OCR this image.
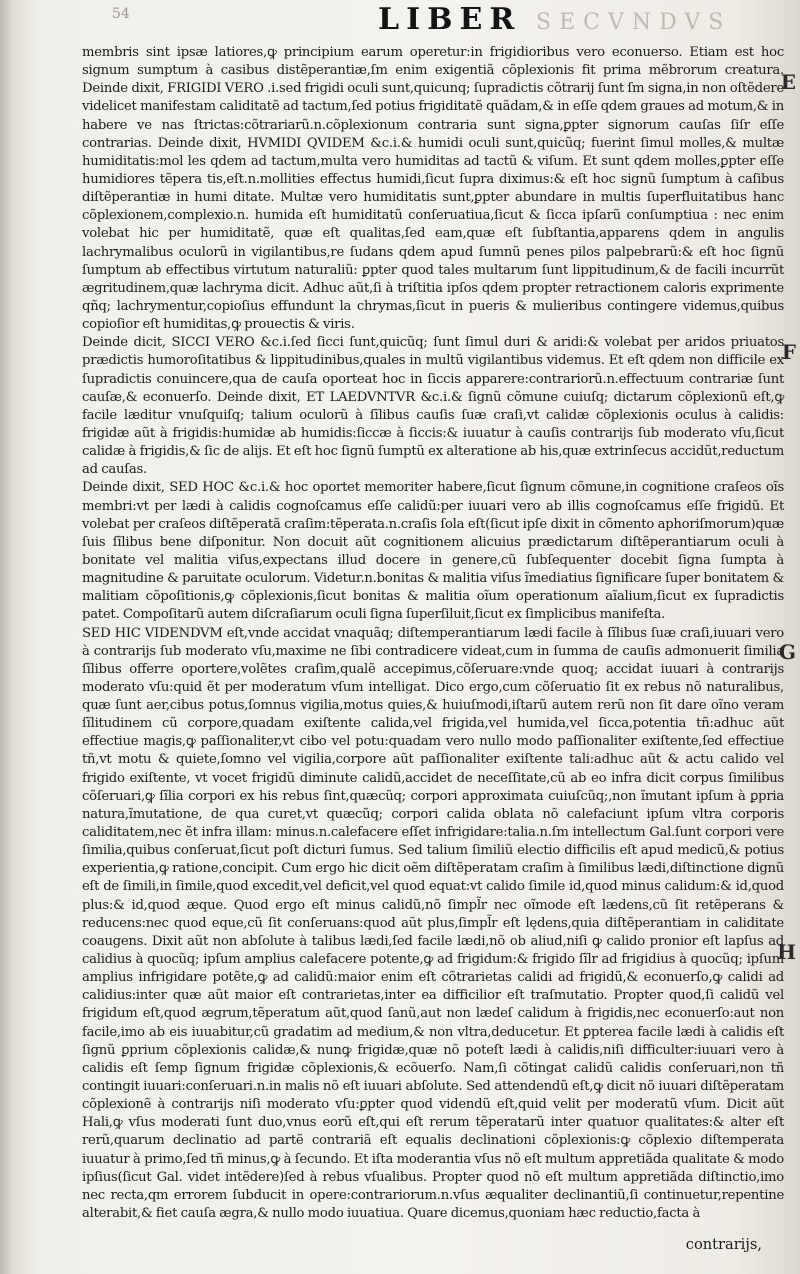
54	LIBER SECVNDVS

membris sint ipsæ latiores,ꝙ principium earum operetur:in frigidioribus vero econuerso. Etiam est hoc signum sumptum à casibus distẽperantiæ,ſm enim exigentiã cõplexionis fit prima mẽbrorum creatura. Deinde dixit, FRIGIDI VERO .i.sed frigidi oculi sunt,quicunq; ſupradictis cõtrarij ſunt ſm signa,in non oſtẽdere videlicet manifestam caliditatẽ ad tactum,ſed potius frigiditatẽ quãdam,& in eſſe qdem graues ad motum,& in habere ve nas ſtrictas:cõtrariarũ.n.cõplexionum contraria sunt signa,ꝑpter signorum cauſas ſiſr eſſe contrarias. Deinde dixit, HVMIDI QVIDEM &c.i.& humidi oculi sunt,quicũq; fuerint ſimul molles,& multæ humiditatis:mol les qdem ad tactum,multa vero humiditas ad tactũ & viſum. Et sunt qdem molles,ꝑpter eſſe humidiores tẽpera tis,eſt.n.mollities effectus humidi,ſicut ſupra diximus:& eſt hoc signũ ſumptum à caſibus diſtẽperantiæ in humi ditate. Multæ vero humiditatis sunt,ꝑpter abundare in multis ſuperfluitatibus hanc cõplexionem,complexio.n. humida eſt humiditatũ conſeruatiua,ſicut & ſicca ipſarũ conſumptiua : nec enim volebat hic per humiditatẽ, quæ eſt qualitas,ſed eam,quæ eſt ſubſtantia,apparens qdem in angulis lachrymalibus oculorũ in vigilantibus,re ſudans qdem apud ſumnũ penes pilos palpebrarũ:& eſt hoc ſignũ ſumptum ab effectibus virtutum naturaliũ: ꝑpter quod tales multarum ſunt lippitudinum,& de facili incurrũt ægritudinem,quæ lachryma dicit. Adhuc aũt,ſi à triſtitia ipſos qdem propter retractionem caloris exprimente qñq; lachrymentur,copioſius effundunt la chrymas,ſicut in pueris & mulieribus contingere videmus,quibus copioſior eſt humiditas,ꝙ prouectis & viris.

Deinde dicit, SICCI VERO &c.i.ſed ſicci ſunt,quicũq; ſunt ſimul duri & aridi:& volebat per aridos priuatos prædictis humoroſitatibus & lippitudinibus,quales in multũ vigilantibus videmus. Et eſt qdem non difficile ex ſupradictis conuincere,qua de cauſa oporteat hoc in ſiccis apparere:contrariorũ.n.effectuum contrariæ ſunt cauſæ,& econuerſo. Deinde dixit, ET LAEDVNTVR &c.i.& ſignũ cõmune cuiuſq; dictarum cõplexionũ eſt,ꝙ facile læditur vnuſquiſq; talium oculorũ à ſĩlibus cauſis ſuæ craſi,vt calidæ cõplexionis oculus à calidis: frigidæ aũt à frigidis:humidæ ab humidis:ſiccæ à ſiccis:& iuuatur à cauſis contrarijs ſub moderato vſu,ſicut calidæ à frigidis,& ſic de alijs. Et eſt hoc ſignũ ſumptũ ex alteratione ab his,quæ extrinſecus accidũt,reductum ad cauſas.

Deinde dixit, SED HOC &c.i.& hoc oportet memoriter habere,ſicut ſignum cõmune,in cognitione craſeos oĩs membri:vt per lædi à calidis cognoſcamus eſſe calidũ:per iuuari vero ab illis cognoſcamus eſſe frigidũ. Et volebat per craſeos diſtẽperatã craſim:tẽperata.n.craſis ſola eſt(ſicut ipſe dixit in cõmento aphoriſmorum)quæ ſuis ſĩlibus bene diſponitur. Non docuit aũt cognitionem alicuius prædictarum diſtẽperantiarum oculi à bonitate vel malitia viſus,expectans illud docere in genere,cũ ſubſequenter docebit ſigna ſumpta à magnitudine & paruitate oculorum. Videtur.n.bonitas & malitia viſus ĩmediatius ſignificare ſuper bonitatem & malitiam cõpoſitionis,ꝙ cõplexionis,ſicut bonitas & malitia oĩum operationum aĩalium,ſicut ex ſupradictis patet. Compoſitarũ autem diſcraſiarum oculi ſigna ſuperſiluit,ſicut ex ſimplicibus manifeſta.

SED HIC VIDENDVM eſt,vnde accidat vnaquãq; diſtemperantiarum lædi facile à ſĩlibus ſuæ craſi,iuuari vero à contrarijs ſub moderato vſu,maxime ne ſibi contradicere videat,cum in ſumma de cauſis admonuerit ſimilia ſĩlibus offerre oportere,volẽtes craſim,qualẽ accepimus,cõſeruare:vnde quoq; accidat iuuari à contrarijs moderato vſu:quid ẽt per moderatum vſum intelligat. Dico ergo,cum cõſeruatio ſit ex rebus nõ naturalibus, quæ ſunt aer,cibus potus,ſomnus vigilia,motus quies,& huiuſmodi,iſtarũ autem rerũ non ſit dare oĩno veram ſĩlitudinem cũ corpore,quadam exiſtente calida,vel frigida,vel humida,vel ſicca,potentia tñ:adhuc aũt effectiue magis,ꝙ paſſionaliter,vt cibo vel potu:quadam vero nullo modo paſſionaliter exiſtente,ſed effectiue tñ,vt motu & quiete,ſomno vel vigilia,corpore aũt paſſionaliter exiſtente tali:adhuc aũt & actu calido vel frigido exiſtente, vt vocet frigidũ diminute calidũ,accidet de neceſſitate,cũ ab eo infra dicit corpus ſimilibus cõſeruari,ꝙ ſĩlia corpori ex his rebus ſint,quæcũq; corpori approximata cuiuſcũq;,non ĩmutant ipſum à ꝑpria natura,ĩmutatione, de qua curet,vt quæcũq; corpori calida oblata nõ calefaciunt ipſum vltra corporis caliditatem,nec ẽt infra illam: minus.n.calefacere eſſet infrigidare:talia.n.ſm intellectum Gal.ſunt corpori vere ſimilia,quibus conſeruat,ſicut poſt dicturi ſumus. Sed talium ſimiliũ electio difficilis eſt apud medicũ,& potius experientia,ꝙ ratione,concipit. Cum ergo hic dicit oẽm diſtẽperatam craſim à ſimilibus lædi,diſtinctione dignũ eſt de ſimili,in ſimile,quod excedit,vel deficit,vel quod equat:vt calido ſimile id,quod minus calidum:& id,quod plus:& id,quod æque. Quod ergo eſt minus calidũ,nõ ſimpl̃r nec oĩmode eſt lædens,cũ ſit retẽperans & reducens:nec quod eque,cũ ſit conſeruans:quod aũt plus,ſimpl̃r eſt lędens,quia diſtẽperantiam in caliditate coaugens. Dixit aũt non abſolute à talibus lædi,ſed facile lædi,nõ ob aliud,niſi ꝙ calido pronior eſt lapſus ad calidius à quocũq; ipſum amplius calefacere potente,ꝙ ad frigidum:& frigido ſĩlr ad frigidius à quocũq; ipſum amplius infrigidare potẽte,ꝙ ad calidũ:maior enim eſt cõtrarietas calidi ad frigidũ,& econuerſo,ꝙ calidi ad calidius:inter quæ aũt maior eſt contrarietas,inter ea difficilior eſt traſmutatio. Propter quod,ſi calidũ vel frigidum eſt,quod ægrum,tẽperatum aũt,quod ſanũ,aut non lædeſ calidum à frigidis,nec econuerſo:aut non facile,imo ab eis iuuabitur,cũ gradatim ad medium,& non vltra,deducetur. Et ꝑpterea facile lædi à calidis eſt ſignũ ꝑprium cõplexionis calidæ,& nunꝙ frigidæ,quæ nõ poteſt lædi à calidis,niſi difficulter:iuuari vero à calidis eſt ſemp ſignum frigidæ cõplexionis,& ecõuerſo. Nam,ſi cõtingat calidũ calidis conſeruari,non tñ contingit iuuari:conſeruari.n.in malis nõ eſt iuuari abſolute. Sed attendendũ eſt,ꝙ dicit nõ iuuari diſtẽperatam cõplexionẽ à contrarijs niſi moderato vſu:ꝑpter quod videndũ eſt,quid velit per moderatũ vſum. Dicit aũt Hali,ꝙ vſus moderati ſunt duo,vnus eorũ eſt,qui eſt rerum tẽperatarũ inter quatuor qualitates:& alter eſt rerũ,quarum declinatio ad partẽ contrariã eſt equalis declinationi cõplexionis:ꝙ cõplexio diſtemperata iuuatur à primo,ſed tñ minus,ꝙ à ſecundo. Et iſta moderantia vſus nõ eſt multum appretiãda qualitate & modo ipſius(ſicut Gal. videt intẽdere)ſed à rebus vſualibus. Propter quod nõ eſt multum appretiãda diſtinctio,imo nec recta,qm errorem ſubducit in opere:contrariorum.n.vſus æqualiter declinantiũ,ſi continuetur,repentine alterabit,& fiet cauſa ægra,& nullo modo iuuatiua. Quare dicemus,quoniam hæc reductio,facta à

E
F
G
H
contrarijs,
